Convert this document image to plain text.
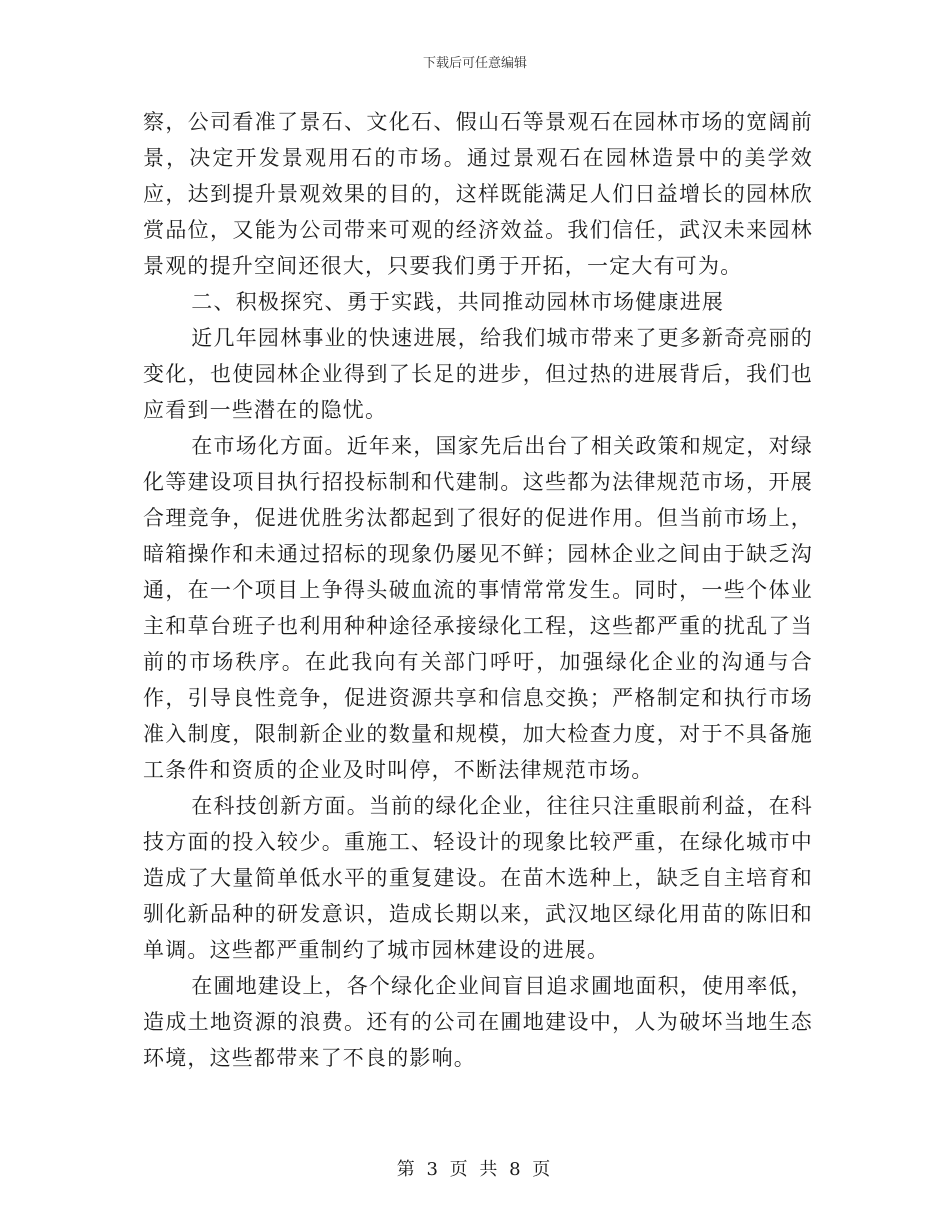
下载后可任意编辑

察，公司看准了景石、文化石、假山石等景观石在园林市场的宽阔前景，决定开发景观用石的市场。通过景观石在园林造景中的美学效应，达到提升景观效果的目的，这样既能满足人们日益增长的园林欣赏品位，又能为公司带来可观的经济效益。我们信任，武汉未来园林景观的提升空间还很大，只要我们勇于开拓，一定大有可为。

二、积极探究、勇于实践，共同推动园林市场健康进展

近几年园林事业的快速进展，给我们城市带来了更多新奇亮丽的变化，也使园林企业得到了长足的进步，但过热的进展背后，我们也应看到一些潜在的隐忧。

在市场化方面。近年来，国家先后出台了相关政策和规定，对绿化等建设项目执行招投标制和代建制。这些都为法律规范市场，开展合理竞争，促进优胜劣汰都起到了很好的促进作用。但当前市场上，暗箱操作和未通过招标的现象仍屡见不鲜；园林企业之间由于缺乏沟通，在一个项目上争得头破血流的事情常常发生。同时，一些个体业主和草台班子也利用种种途径承接绿化工程，这些都严重的扰乱了当前的市场秩序。在此我向有关部门呼吁，加强绿化企业的沟通与合作，引导良性竞争，促进资源共享和信息交换；严格制定和执行市场准入制度，限制新企业的数量和规模，加大检查力度，对于不具备施工条件和资质的企业及时叫停，不断法律规范市场。

在科技创新方面。当前的绿化企业，往往只注重眼前利益，在科技方面的投入较少。重施工、轻设计的现象比较严重，在绿化城市中造成了大量简单低水平的重复建设。在苗木选种上，缺乏自主培育和驯化新品种的研发意识，造成长期以来，武汉地区绿化用苗的陈旧和单调。这些都严重制约了城市园林建设的进展。

在圃地建设上，各个绿化企业间盲目追求圃地面积，使用率低，造成土地资源的浪费。还有的公司在圃地建设中，人为破坏当地生态环境，这些都带来了不良的影响。

第 3 页 共 8 页
